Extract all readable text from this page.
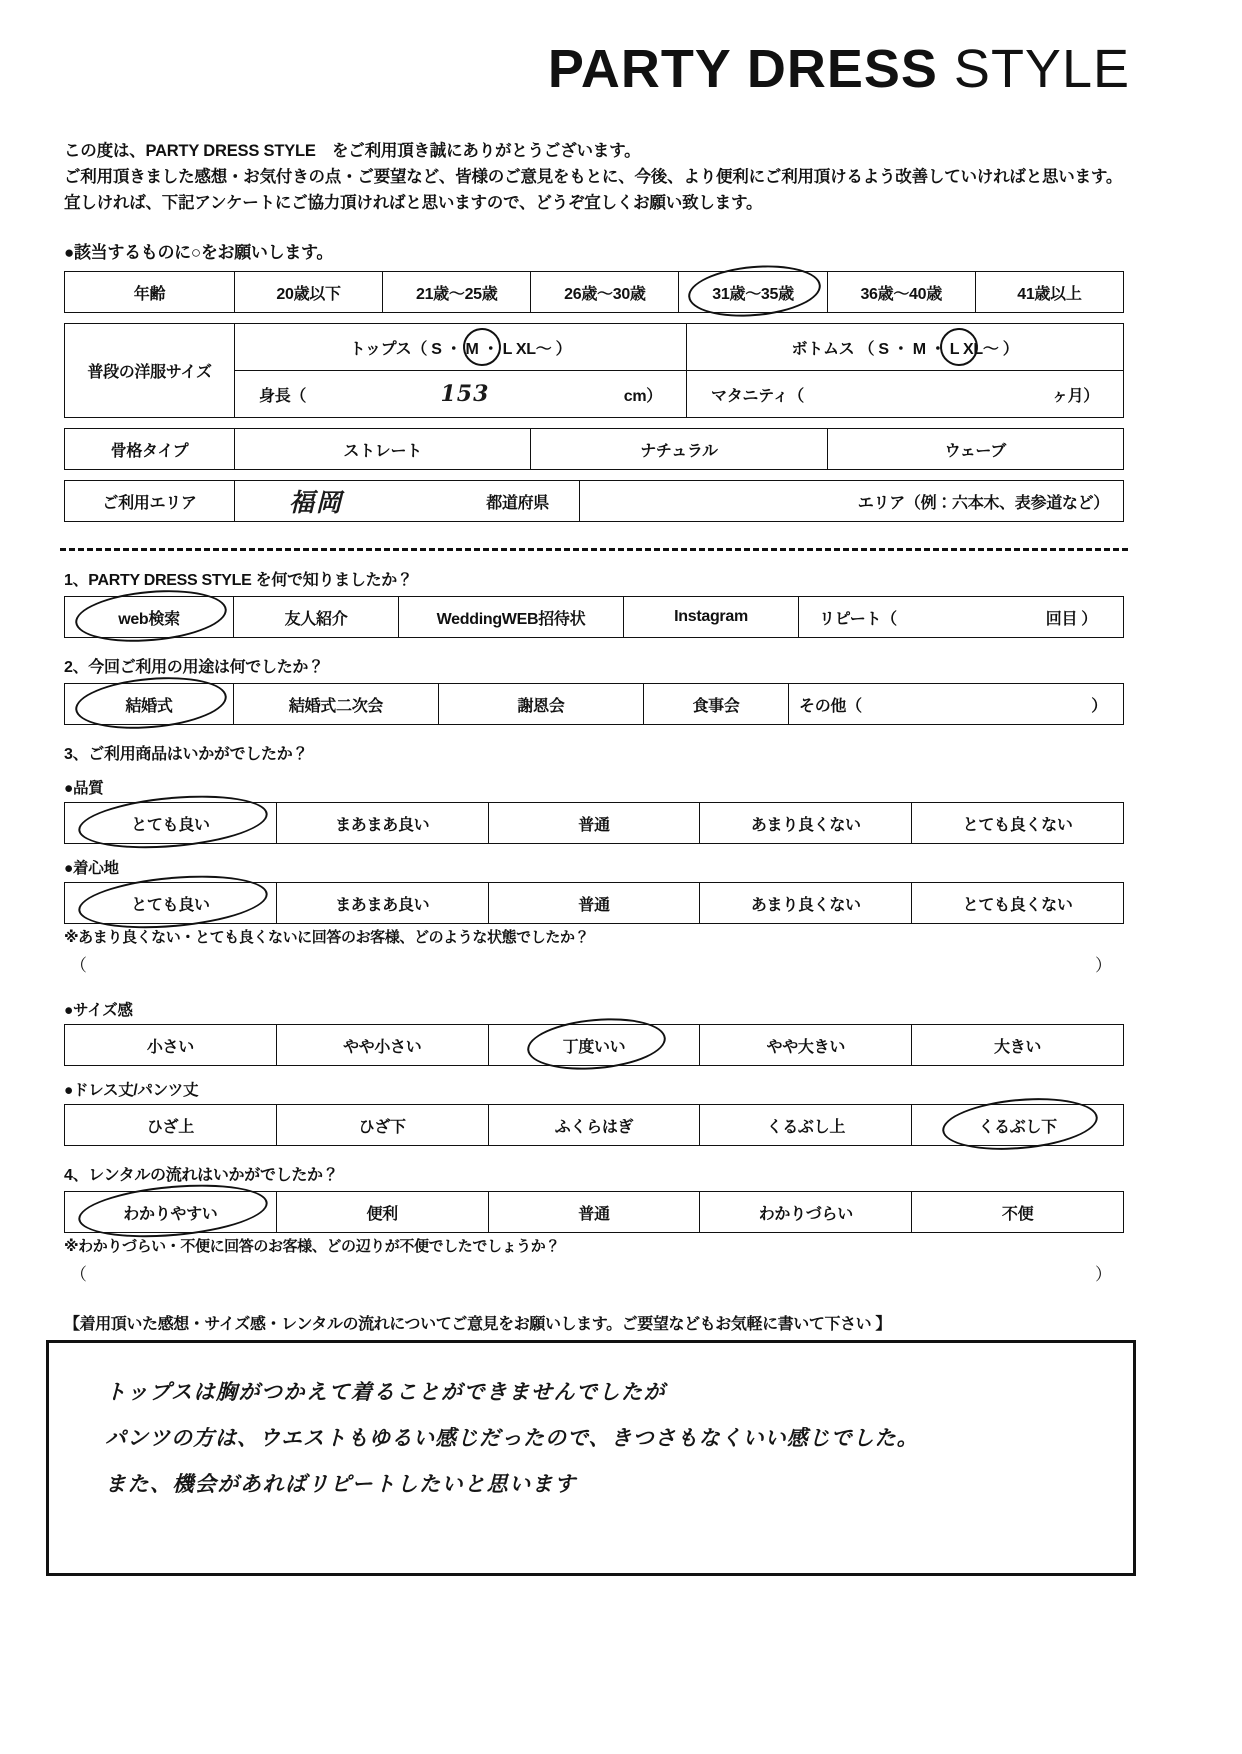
PARTY DRESS STYLE
この度は、PARTY DRESS STYLE　をご利用頂き誠にありがとうございます。
ご利用頂きました感想・お気付きの点・ご要望など、皆様のご意見をもとに、今後、より便利にご利用頂けるよう改善していければと思います。
宜しければ、下記アンケートにご協力頂ければと思いますので、どうぞ宜しくお願い致します。
●該当するものに○をお願いします。
年齢	20歳以下	21歳～25歳	26歳～30歳	31歳～35歳	36歳～40歳	41歳以上
普段の洋服サイズ	トップス（ S ・ M ・ L XL～ ）	ボトムス （ S ・ M ・ L XL～ ）

	身長（ 153 cm）	マタニティ（ ヶ月）
骨格タイプ	ストレート	ナチュラル	ウェーブ
ご利用エリア	福岡	都道府県	エリア（例：六本木、表参道など）
1、PARTY DRESS STYLE を何で知りましたか？
web検索	友人紹介	WeddingWEB招待状	Instagram	リピート（	回目 ）
2、今回ご利用の用途は何でしたか？
結婚式	結婚式二次会	謝恩会	食事会	その他（	）
3、ご利用商品はいかがでしたか？
●品質
とても良い	まあまあ良い	普通	あまり良くない	とても良くない
●着心地
とても良い	まあまあ良い	普通	あまり良くない	とても良くない
※あまり良くない・とても良くないに回答のお客様、どのような状態でしたか？
（	）
●サイズ感
小さい	やや小さい	丁度いい	やや大きい	大きい
●ドレス丈/パンツ丈
ひざ上	ひざ下	ふくらはぎ	くるぶし上	くるぶし下
4、レンタルの流れはいかがでしたか？
わかりやすい	便利	普通	わかりづらい	不便
※わかりづらい・不便に回答のお客様、どの辺りが不便でしたでしょうか？
（	）
【着用頂いた感想・サイズ感・レンタルの流れについてご意見をお願いします。ご要望などもお気軽に書いて下さい 】
トップスは胸がつかえて着ることができませんでしたが
パンツの方は、ウエストもゆるい感じだったので、きつさもなくいい感じでした。
また、機会があればリピートしたいと思います
